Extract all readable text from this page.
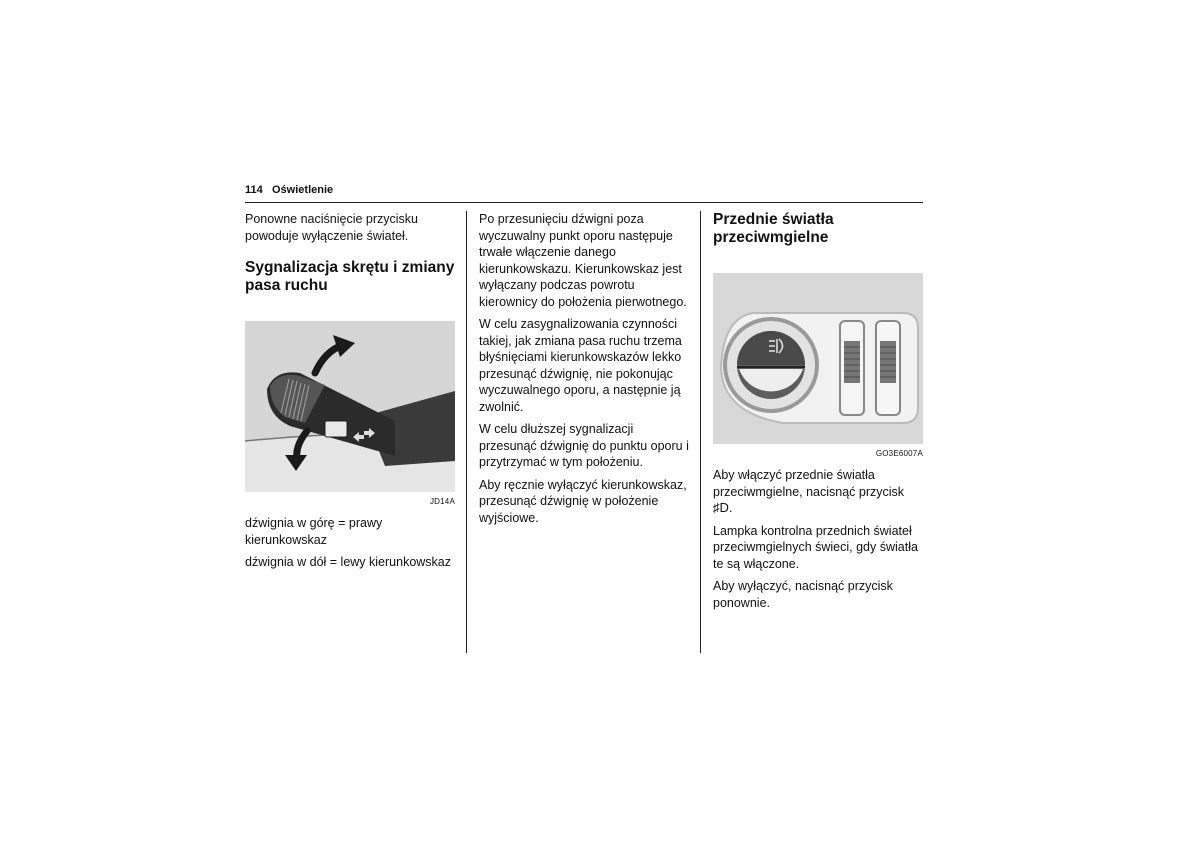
114 Oświetlenie

Ponowne naciśnięcie przycisku powoduje wyłączenie świateł.

Sygnalizacja skrętu i zmiany pasa ruchu
JD14A

dźwignia w górę = prawy kierunkowskaz

dźwignia w dół = lewy kierunkowskaz

Po przesunięciu dźwigni poza wyczuwalny punkt oporu następuje trwałe włączenie danego kierunkowskazu. Kierunkowskaz jest wyłączany podczas powrotu kierownicy do położenia pierwotnego.

W celu zasygnalizowania czynności takiej, jak zmiana pasa ruchu trzema błyśnięciami kierunkowskazów lekko przesunąć dźwignię, nie pokonując wyczuwalnego oporu, a następnie ją zwolnić.

W celu dłuższej sygnalizacji przesunąć dźwignię do punktu oporu i przytrzymać w tym położeniu.

Aby ręcznie wyłączyć kierunkowskaz, przesunąć dźwignię w położenie wyjściowe.

Przednie światła przeciwmgielne
GO3E6007A

Aby włączyć przednie światła przeciwmgielne, nacisnąć przycisk ♯D.

Lampka kontrolna przednich świateł przeciwmgielnych świeci, gdy światła te są włączone.

Aby wyłączyć, nacisnąć przycisk ponownie.
